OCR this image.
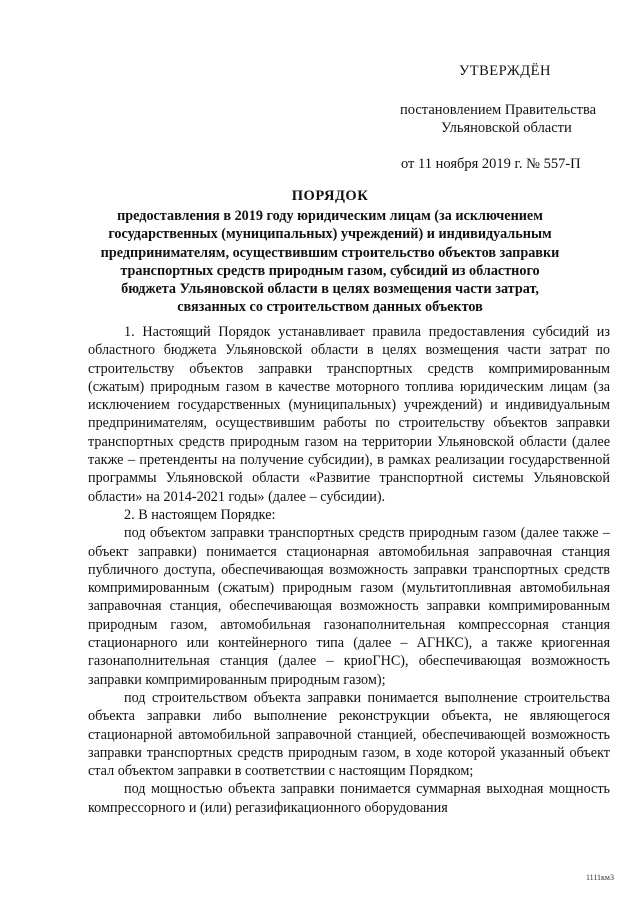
УТВЕРЖДЁН
постановлением Правительства
Ульяновской области
от 11 ноября 2019 г. № 557-П
ПОРЯДОК
предоставления в 2019 году юридическим лицам (за исключением государственных (муниципальных) учреждений) и индивидуальным предпринимателям, осуществившим строительство объектов заправки транспортных средств природным газом, субсидий из областного бюджета Ульяновской области в целях возмещения части затрат, связанных со строительством данных объектов

1. Настоящий Порядок устанавливает правила предоставления субсидий из областного бюджета Ульяновской области в целях возмещения части затрат по строительству объектов заправки транспортных средств компримированным (сжатым) природным газом в качестве моторного топлива юридическим лицам (за исключением государственных (муниципальных) учреждений) и индивидуальным предпринимателям, осуществившим работы по строительству объектов заправки транспортных средств природным газом на территории Ульяновской области (далее также – претенденты на получение субсидии), в рамках реализации государственной программы Ульяновской области «Развитие транспортной системы Ульяновской области» на 2014-2021 годы» (далее – субсидии).

2. В настоящем Порядке:

под объектом заправки транспортных средств природным газом (далее также – объект заправки) понимается стационарная автомобильная заправочная станция публичного доступа, обеспечивающая возможность заправки транспортных средств компримированным (сжатым) природным газом (мультитопливная автомобильная заправочная станция, обеспечивающая возможность заправки компримированным природным газом, автомобильная газонаполнительная компрессорная станция стационарного или контейнерного типа (далее – АГНКС), а также криогенная газонаполнительная станция (далее – криоГНС), обеспечивающая возможность заправки компримированным природным газом);

под строительством объекта заправки понимается выполнение строительства объекта заправки либо выполнение реконструкции объекта, не являющегося стационарной автомобильной заправочной станцией, обеспечивающей возможность заправки транспортных средств природным газом, в ходе которой указанный объект стал объектом заправки в соответствии с настоящим Порядком;

под мощностью объекта заправки понимается суммарная выходная мощность компрессорного и (или) регазификационного оборудования

1111км3
